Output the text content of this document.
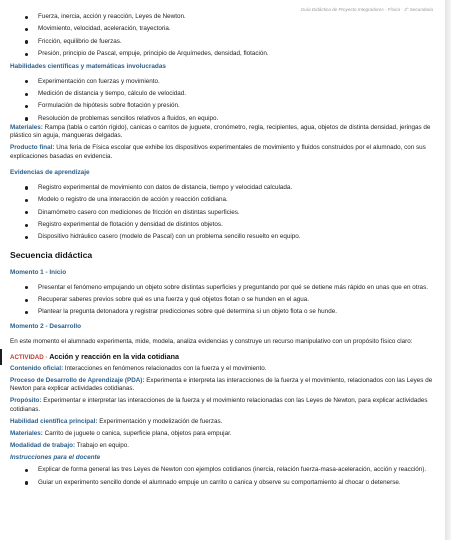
Guía Didáctica de Proyecto Integradores · Física · 3° Secundaria
Fuerza, inercia, acción y reacción, Leyes de Newton.
Movimiento, velocidad, aceleración, trayectoria.
Fricción, equilibrio de fuerzas.
Presión, principio de Pascal, empuje, principio de Arquímedes, densidad, flotación.
Habilidades científicas y matemáticas involucradas
Experimentación con fuerzas y movimiento.
Medición de distancia y tiempo, cálculo de velocidad.
Formulación de hipótesis sobre flotación y presión.
Resolución de problemas sencillos relativos a fluidos, en equipo.

Materiales: Rampa (tabla o cartón rígido), canicas o carritos de juguete, cronómetro, regla, recipientes, agua, objetos de distinta densidad, jeringas de plástico sin aguja, mangueras delgadas.

Producto final: Una feria de Física escolar que exhibe los dispositivos experimentales de movimiento y fluidos construidos por el alumnado, con sus explicaciones basadas en evidencia.

Evidencias de aprendizaje
Registro experimental de movimiento con datos de distancia, tiempo y velocidad calculada.
Modelo o registro de una interacción de acción y reacción cotidiana.
Dinamómetro casero con mediciones de fricción en distintas superficies.
Registro experimental de flotación y densidad de distintos objetos.
Dispositivo hidráulico casero (modelo de Pascal) con un problema sencillo resuelto en equipo.
Secuencia didáctica
Momento 1 - Inicio
Presentar el fenómeno empujando un objeto sobre distintas superficies y preguntando por qué se detiene más rápido en unas que en otras.
Recuperar saberes previos sobre qué es una fuerza y qué objetos flotan o se hunden en el agua.
Plantear la pregunta detonadora y registrar predicciones sobre qué determina si un objeto flota o se hunde.
Momento 2 - Desarrollo

En este momento el alumnado experimenta, mide, modela, analiza evidencias y construye un recurso manipulativo con un propósito físico claro:

ACTIVIDAD · Acción y reacción en la vida cotidiana

Contenido oficial: Interacciones en fenómenos relacionados con la fuerza y el movimiento.

Proceso de Desarrollo de Aprendizaje (PDA): Experimenta e interpreta las interacciones de la fuerza y el movimiento, relacionados con las Leyes de Newton para explicar actividades cotidianas.

Propósito: Experimentar e interpretar las interacciones de la fuerza y el movimiento relacionadas con las Leyes de Newton, para explicar actividades cotidianas.

Habilidad científica principal: Experimentación y modelización de fuerzas.

Materiales: Carrito de juguete o canica, superficie plana, objetos para empujar.

Modalidad de trabajo: Trabajo en equipo.

Instrucciones para el docente
Explicar de forma general las tres Leyes de Newton con ejemplos cotidianos (inercia, relación fuerza-masa-aceleración, acción y reacción).
Guiar un experimento sencillo donde el alumnado empuje un carrito o canica y observe su comportamiento al chocar o detenerse.
